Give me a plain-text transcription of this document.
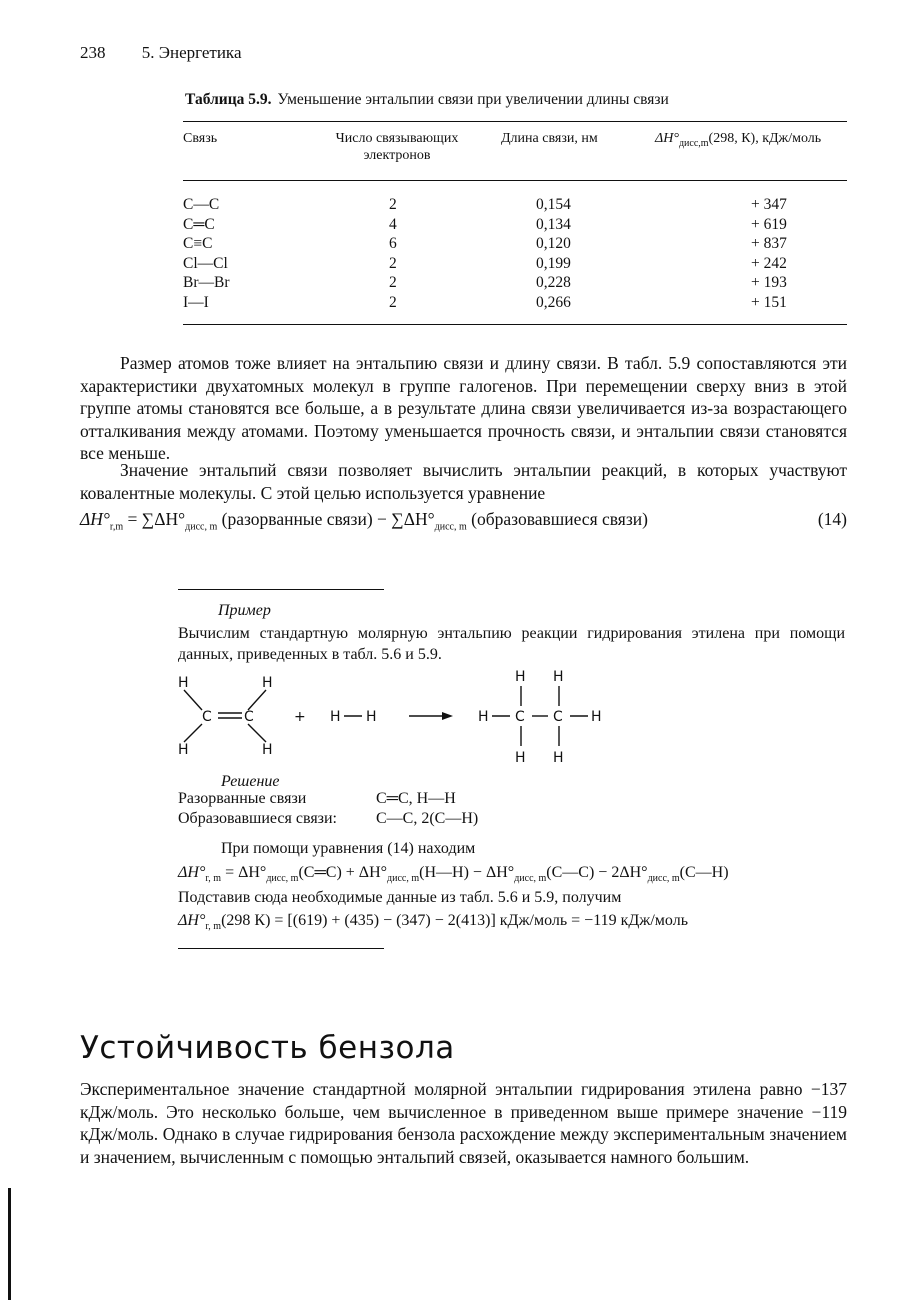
238 5. Энергетика
Таблица 5.9. Уменьшение энтальпии связи при увеличении длины связи
Связь	Число связывающих электронов	Длина связи, нм	$\Delta H^\circ_{дисс,m}(298$, К), кДж/моль
C—C	2	0,154	+ 347
C═C	4	0,134	+ 619
C≡C	6	0,120	+ 837
Cl—Cl	2	0,199	+ 242
Br—Br	2	0,228	+ 193
I—I	2	0,266	+ 151

Размер атомов тоже влияет на энтальпию связи и длину связи. В табл. 5.9 сопоставляются эти характеристики двухатомных молекул в группе галогенов. При перемещении сверху вниз в этой группе атомы становятся все больше, а в результате длина связи увеличивается из-за возрастающего отталкивания между атомами. Поэтому уменьшается прочность связи, и энтальпии связи становятся все меньше.

Значение энтальпий связи позволяет вычислить энтальпии реакций, в которых участвуют ковалентные молекулы. С этой целью используется уравнение

$\Delta H^\circ_{r,m} = \sum\Delta H^\circ_{дисс, m}$ (разорванные связи) − $\sum\Delta H^\circ_{дисс, m}$ (образовавшиеся связи)	(14)
Пример

Вычислим стандартную молярную энтальпию реакции гидрирования этилена при помощи данных, приведенных в табл. 5.6 и 5.9.

H	H
C C
H	H
+ H H
H H
H C C H
H H
Решение
Разорванные связи	C═C, H—H
Образовавшиеся связи: C—C, 2(C—H)
При помощи уравнения (14) находим
$\Delta H^\circ_{r, m}$ = $\Delta H^\circ_{дисс, m}(C═C)$ + $\Delta H^\circ_{дисс, m}(H—H)$ − $\Delta H^\circ_{дисс, m}(C—C)$ − $2\Delta H^\circ_{дисс, m}(C—H)$
Подставив сюда необходимые данные из табл. 5.6 и 5.9, получим
$\Delta H^\circ_{r, m}(298$ К) = [(619) + (435) − (347) − 2(413)] кДж/моль = −119 кДж/моль
Устойчивость бензола

Экспериментальное значение стандартной молярной энтальпии гидрирования этилена равно −137 кДж/моль. Это несколько больше, чем вычисленное в приведенном выше примере значение −119 кДж/моль. Однако в случае гидрирования бензола расхождение между экспериментальным значением и значением, вычисленным с помощью энтальпий связей, оказывается намного большим.
